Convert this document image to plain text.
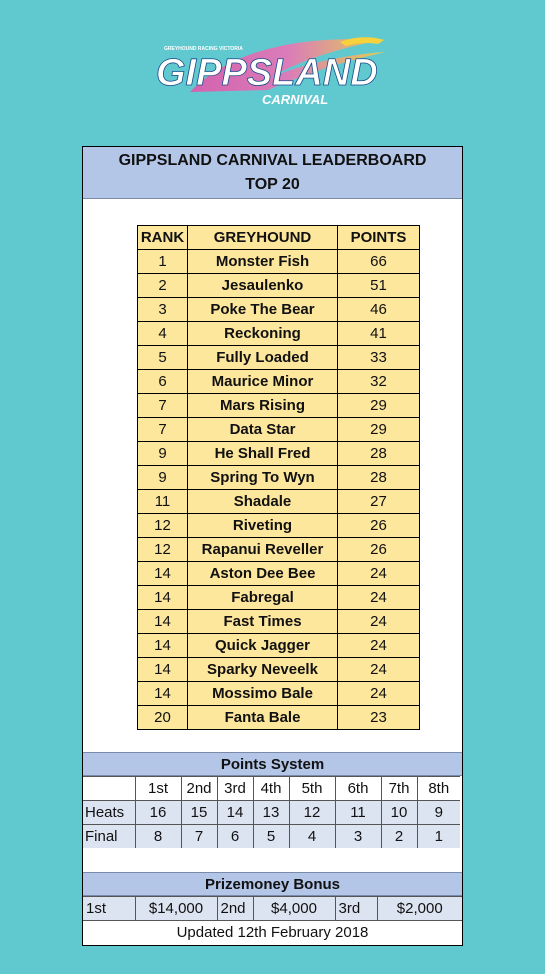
GREYHOUND RACING VICTORIA
GIPPSLAND
CARNIVAL
GIPPSLAND CARNIVAL LEADERBOARD
TOP 20
RANK	GREYHOUND	POINTS
1	Monster Fish	66
2	Jesaulenko	51
3	Poke The Bear	46
4	Reckoning	41
5	Fully Loaded	33
6	Maurice Minor	32
7	Mars Rising	29
7	Data Star	29
9	He Shall Fred	28
9	Spring To Wyn	28
11	Shadale	27
12	Riveting	26
12	Rapanui Reveller	26
14	Aston Dee Bee	24
14	Fabregal	24
14	Fast Times	24
14	Quick Jagger	24
14	Sparky Neveelk	24
14	Mossimo Bale	24
20	Fanta Bale	23
Points System
	1st	2nd	3rd	4th	5th	6th	7th	8th
Heats	16	15	14	13	12	11	10	9
Final	8	7	6	5	4	3	2	1
Prizemoney Bonus
1st	$14,000	2nd	$4,000	3rd	$2,000
Updated 12th February 2018
